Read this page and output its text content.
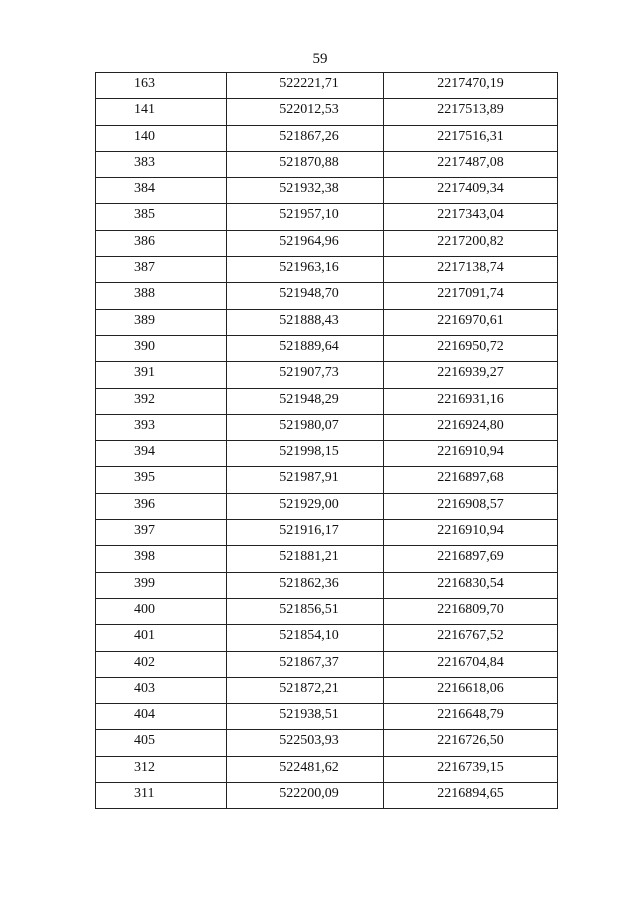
59
163	522221,71	2217470,19
141	522012,53	2217513,89
140	521867,26	2217516,31
383	521870,88	2217487,08
384	521932,38	2217409,34
385	521957,10	2217343,04
386	521964,96	2217200,82
387	521963,16	2217138,74
388	521948,70	2217091,74
389	521888,43	2216970,61
390	521889,64	2216950,72
391	521907,73	2216939,27
392	521948,29	2216931,16
393	521980,07	2216924,80
394	521998,15	2216910,94
395	521987,91	2216897,68
396	521929,00	2216908,57
397	521916,17	2216910,94
398	521881,21	2216897,69
399	521862,36	2216830,54
400	521856,51	2216809,70
401	521854,10	2216767,52
402	521867,37	2216704,84
403	521872,21	2216618,06
404	521938,51	2216648,79
405	522503,93	2216726,50
312	522481,62	2216739,15
311	522200,09	2216894,65
